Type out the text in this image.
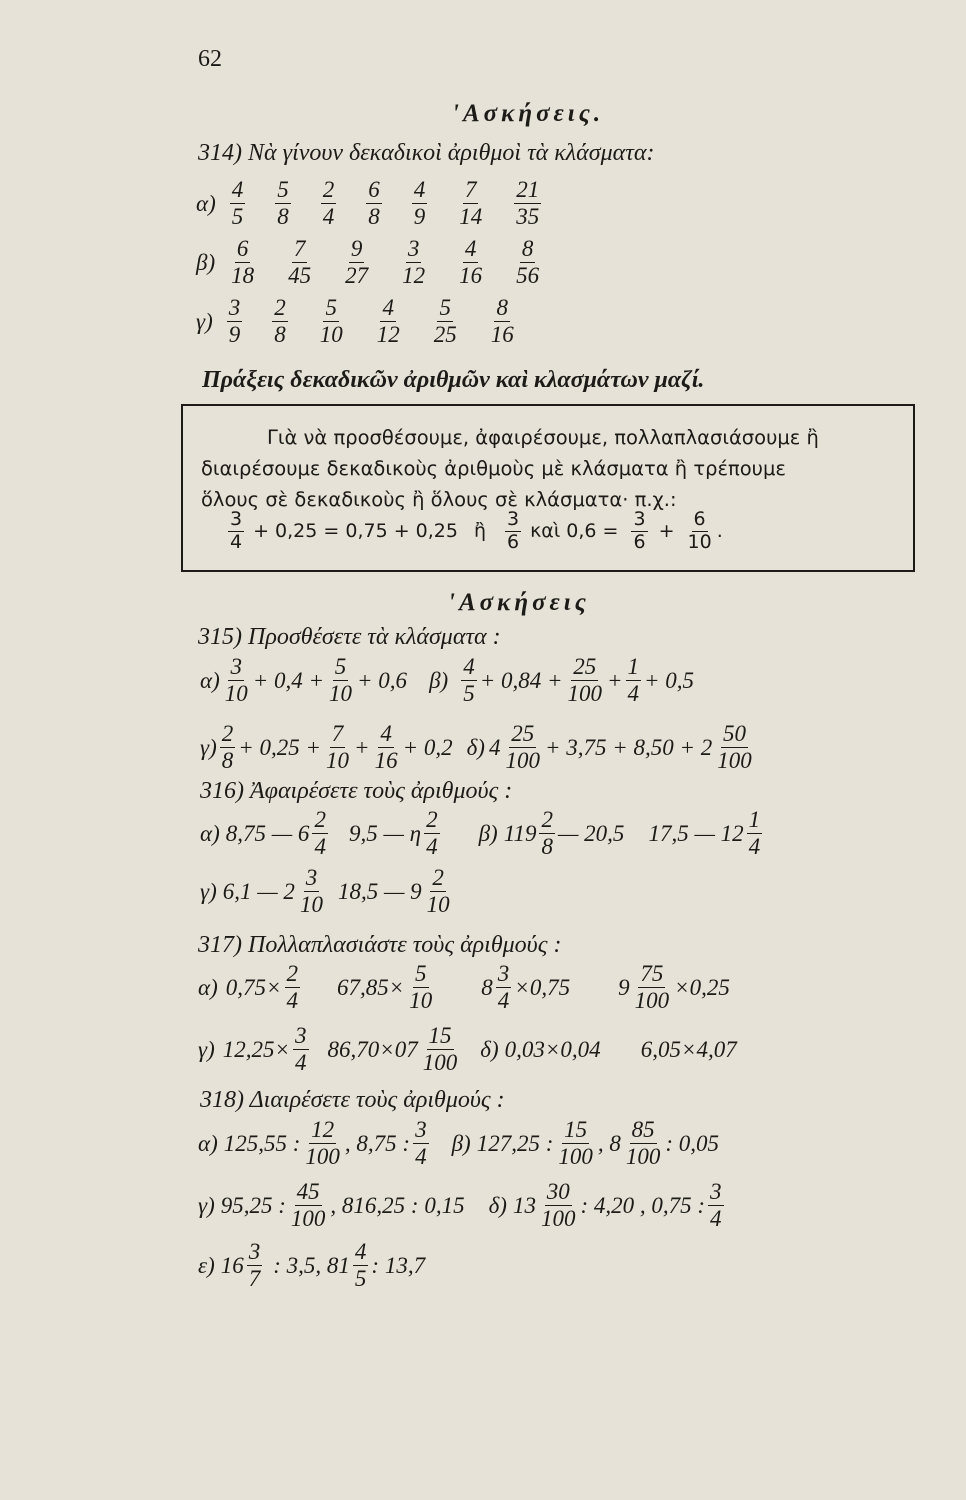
62
'Ασκήσεις.
314) Νὰ γίνουν δεκαδικοὶ ἀριθμοὶ τὰ κλάσματα:
$\alpha) \frac{4}{5} \frac{5}{8} \frac{2}{4} \frac{6}{8} \frac{4}{9} \frac{7}{14} \frac{21}{35}$
$\beta) \frac{6}{18} \frac{7}{45} \frac{9}{27} \frac{3}{12} \frac{4}{16} \frac{8}{56}$
$\gamma) \frac{3}{9} \frac{2}{8} \frac{5}{10} \frac{4}{12} \frac{5}{25} \frac{8}{16}$
Πράξεις δεκαδικῶν ἀριθμῶν καὶ κλασμάτων μαζί.
Γιὰ νὰ προσθέσουμε, ἀφαιρέσουμε, πολλαπλασιάσουμε ἢ
διαιρέσουμε δεκαδικοὺς ἀριθμοὺς μὲ κλάσματα ἢ τρέπουμε
ὅλους σὲ δεκαδικοὺς ἢ ὅλους σὲ κλάσματα· π.χ.:
3
4 + 0,25 = 0,75 + 0,25 ἢ
3
6 καὶ 0,6 =
3
6 +
6
10 .
'Ασκήσεις
315) Προσθέσετε τὰ κλάσματα :
α)
3
10
+ $0,4 + \frac{5}{10} + 0,6$ β)
4
5
+ $0,84 + \frac{25}{100} + \frac{1}{4} + 0,5$
γ)
2
8
+ $0,25 + \frac{7}{10} + \frac{4}{16} + 0,2$ δ) 4
25
100
+ 3,75 + 8,50 + 2
50
100
316) Ἀφαιρέσετε τοὺς ἀριθμούς :
α) 8,75 — 6
2
4
9,5 — η
2
4
β) 119
2
8
— 20,5 17,5 — 12
1
4
γ) 6,1 — 2
3
10
18,5 — 9
2
10
317) Πολλαπλασιάστε τοὺς ἀριθμούς :
α) $0,75\times \frac{2}{4} 67,85\times \frac{5}{10} 8 \frac{3}{4} \times 0,75$ $9 \frac{75}{100} \times 0,25$
γ) $12,25\times \frac{3}{4} 86,70\times 07$
15
100
δ) 0,03×0,04 6,05×4,07
318) Διαιρέσετε τοὺς ἀριθμούς :
α) 125,55 :
12
100
, 8,75 :
3
4
β) 127,25 :
15
100
, 8
85
100
: 0,05
γ) 95,25 :
45
100
, 816,25 : 0,15 δ) 13
30
100
: 4,20 , 0,75 :
3
4
ε) 16
3
7
: 3,5, 81
4
5
: 13,7
